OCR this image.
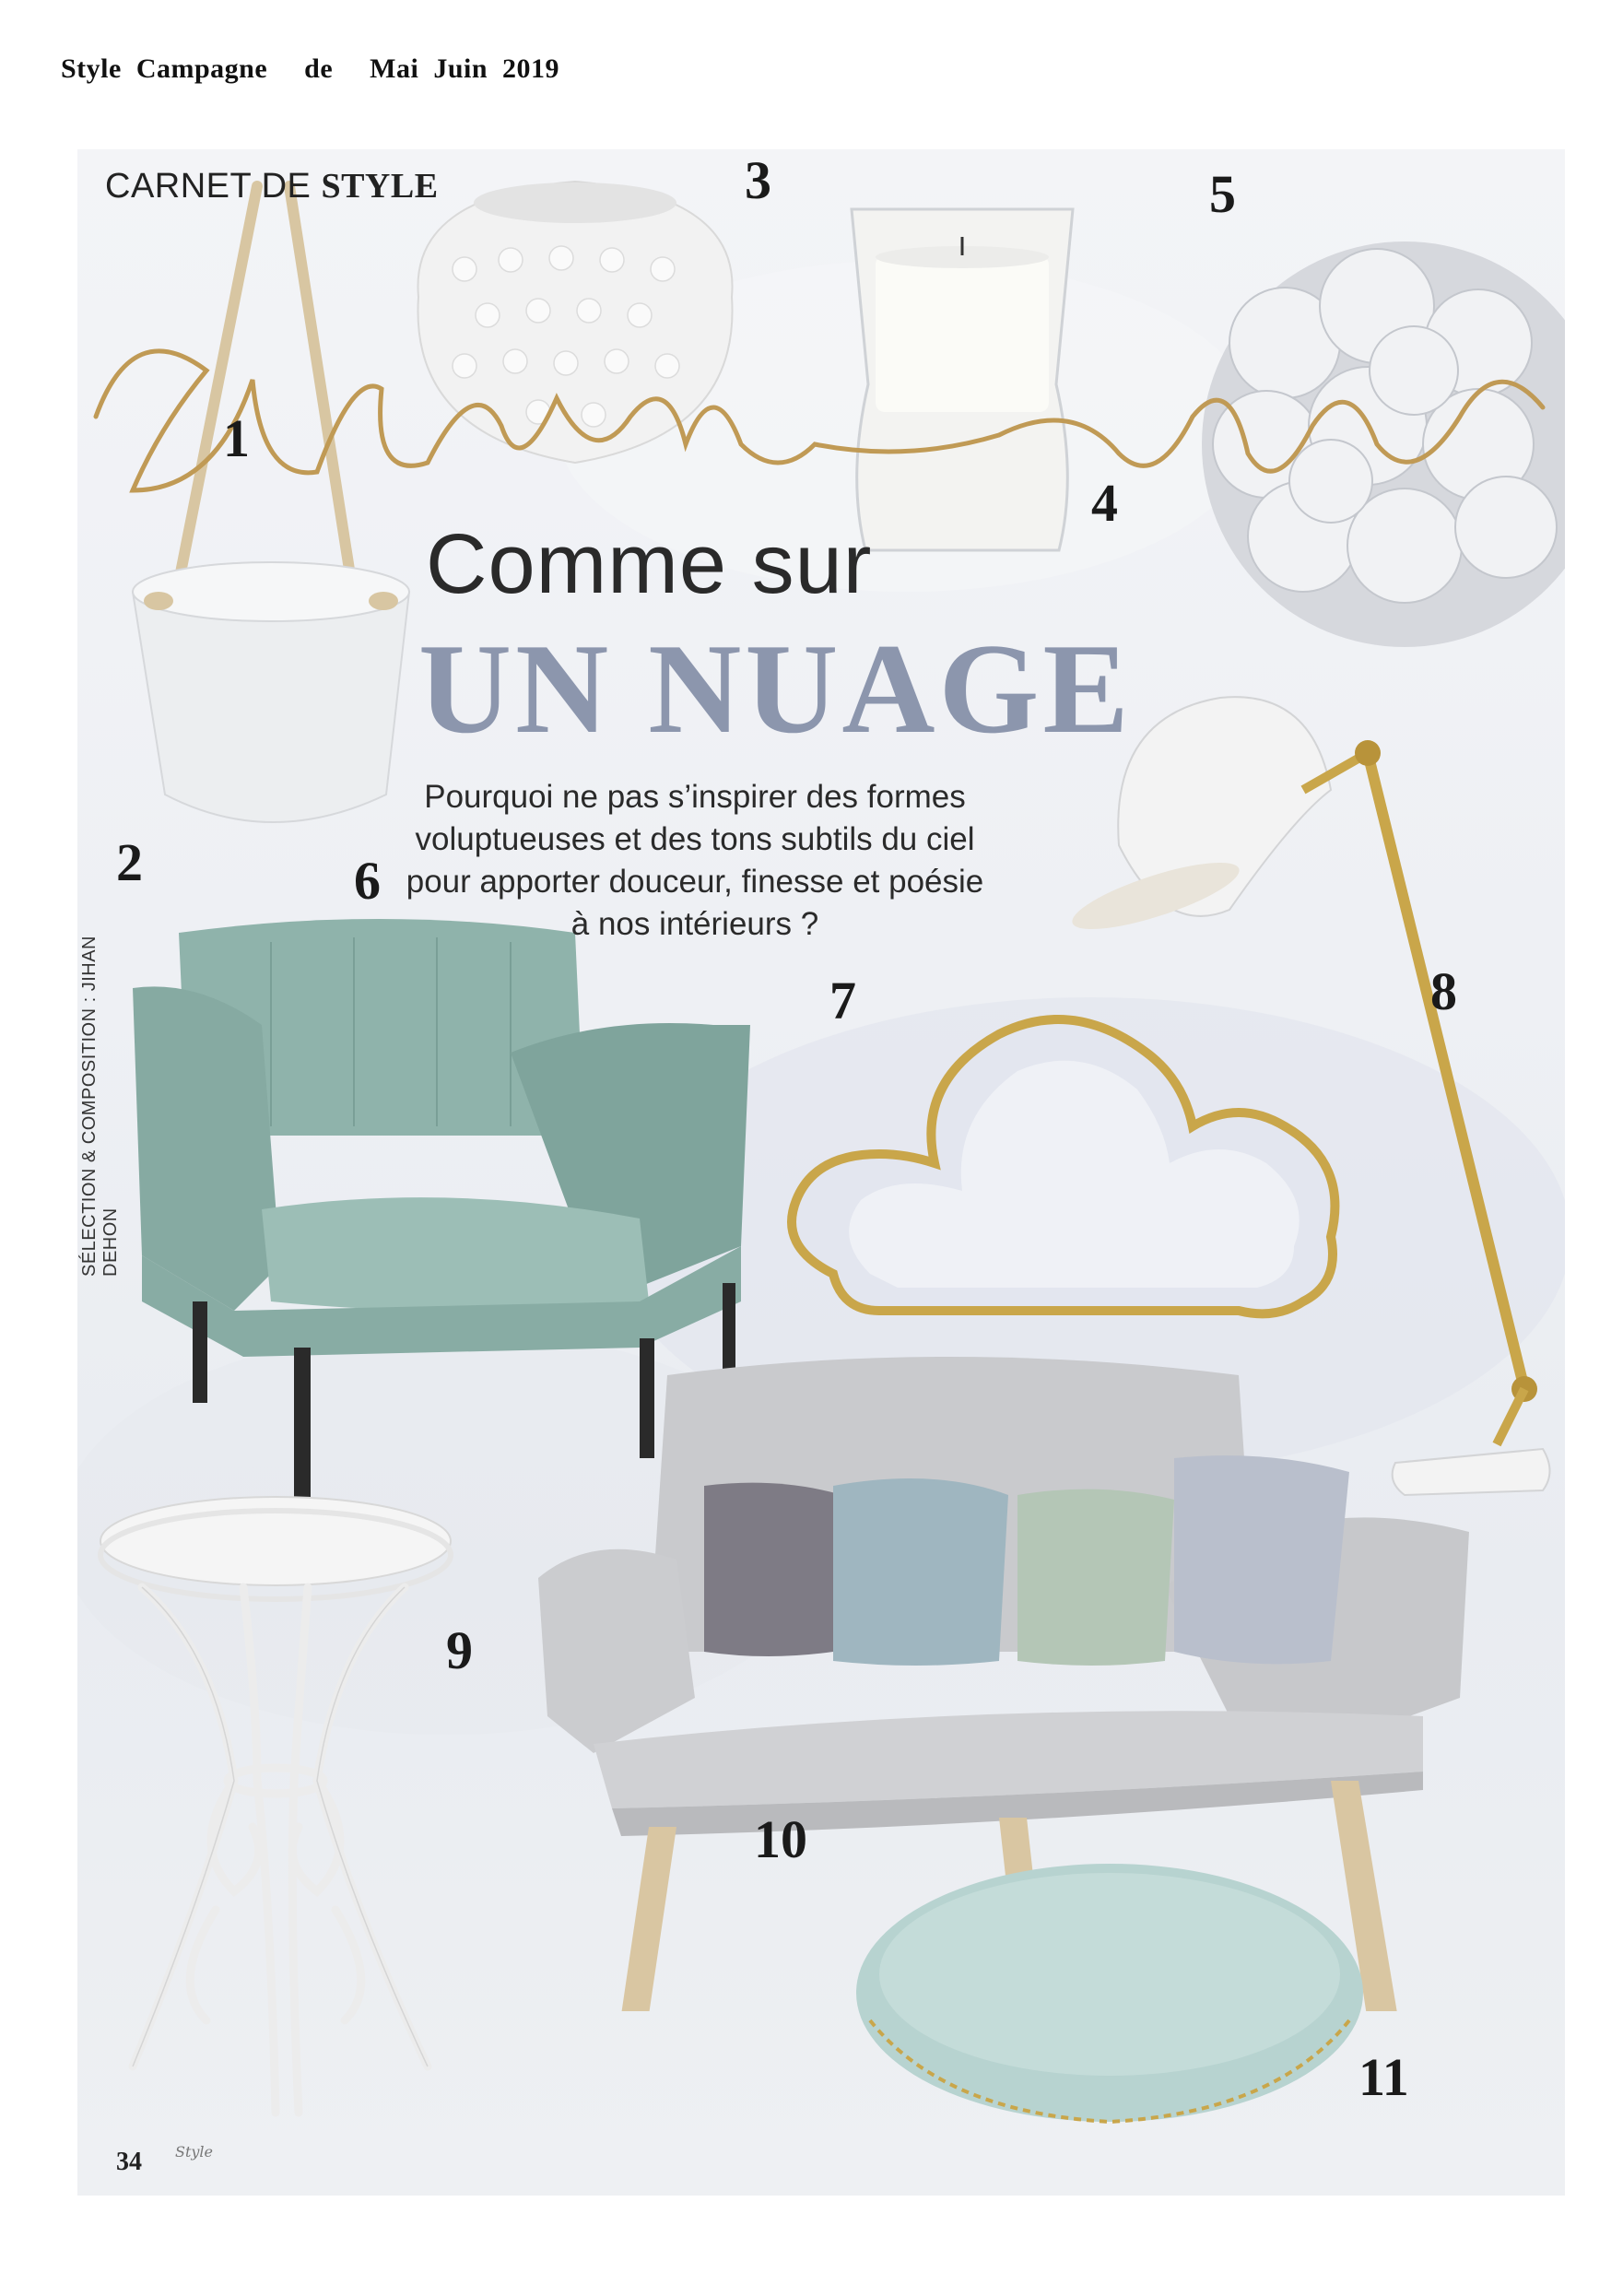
Style  Campagne     de     Mai  Juin  2019
CARNET DE STYLE
Comme sur
UN NUAGE
Pourquoi ne pas s’inspirer des formes
voluptueuses et des tons subtils du ciel
pour apporter douceur, finesse et poésie
à nos intérieurs ?
SÉLECTION & COMPOSITION : JIHAN DEHON
1
2
3
4
5
6
7	8
9
10
11
34 Style
